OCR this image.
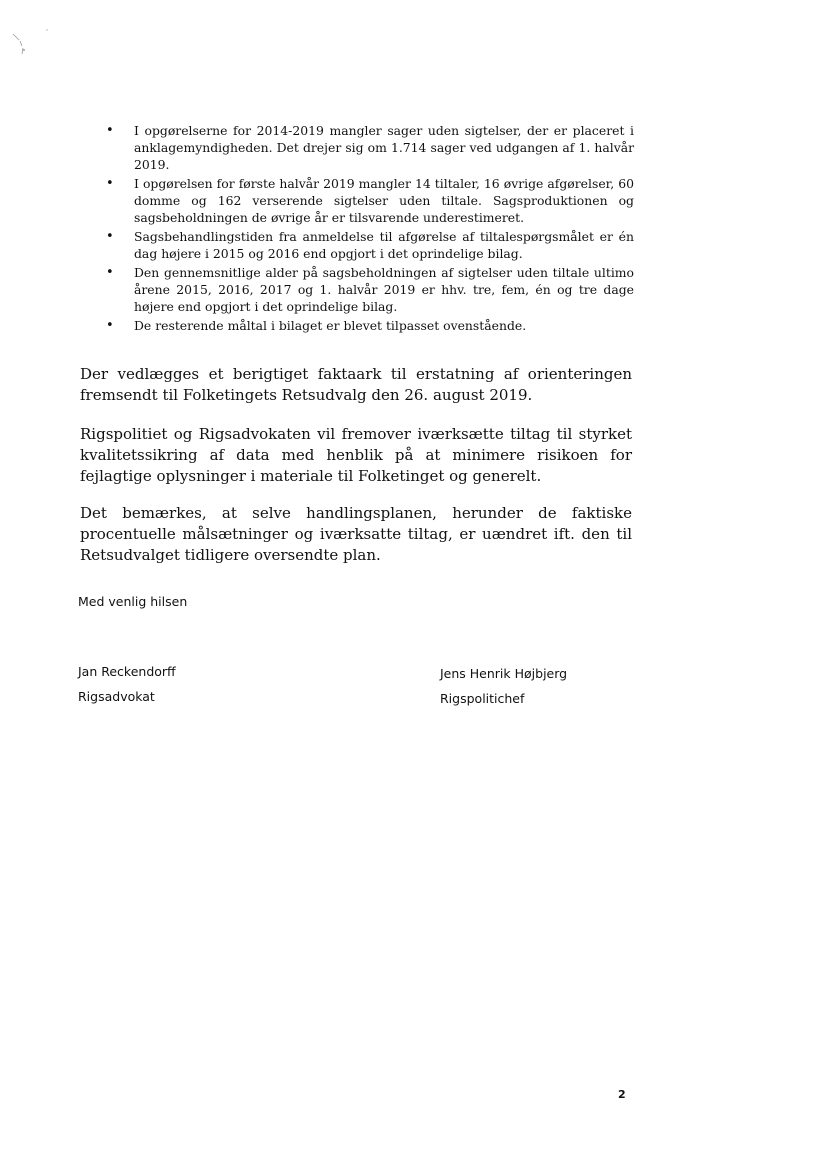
• I opgørelserne for 2014-2019 mangler sager uden sigtelser, der er placeret i anklagemyndigheden. Det drejer sig om 1.714 sager ved udgangen af 1. halvår 2019.
• I opgørelsen for første halvår 2019 mangler 14 tiltaler, 16 øvrige afgørelser, 60 domme og 162 verserende sigtelser uden tiltale. Sagsproduktionen og sagsbeholdningen de øvrige år er tilsvarende underestimeret.
• Sagsbehandlingstiden fra anmeldelse til afgørelse af tiltalespørgsmålet er én dag højere i 2015 og 2016 end opgjort i det oprindelige bilag.
• Den gennemsnitlige alder på sagsbeholdningen af sigtelser uden tiltale ultimo årene 2015, 2016, 2017 og 1. halvår 2019 er hhv. tre, fem, én og tre dage højere end opgjort i det oprindelige bilag.
• De resterende måltal i bilaget er blevet tilpasset ovenstående.

Der vedlægges et berigtiget faktaark til erstatning af orienteringen fremsendt til Folketingets Retsudvalg den 26. august 2019.

Rigspolitiet og Rigsadvokaten vil fremover iværksætte tiltag til styrket kvalitetssikring af data med henblik på at minimere risikoen for fejlagtige oplysninger i materiale til Folketinget og generelt.

Det bemærkes, at selve handlingsplanen, herunder de faktiske procentuelle målsætninger og iværksatte tiltag, er uændret ift. den til Retsudvalget tidligere oversendte plan.

Med venlig hilsen

Jan Reckendorff

Rigsadvokat

Jens Henrik Højbjerg

Rigspolitichef

2
